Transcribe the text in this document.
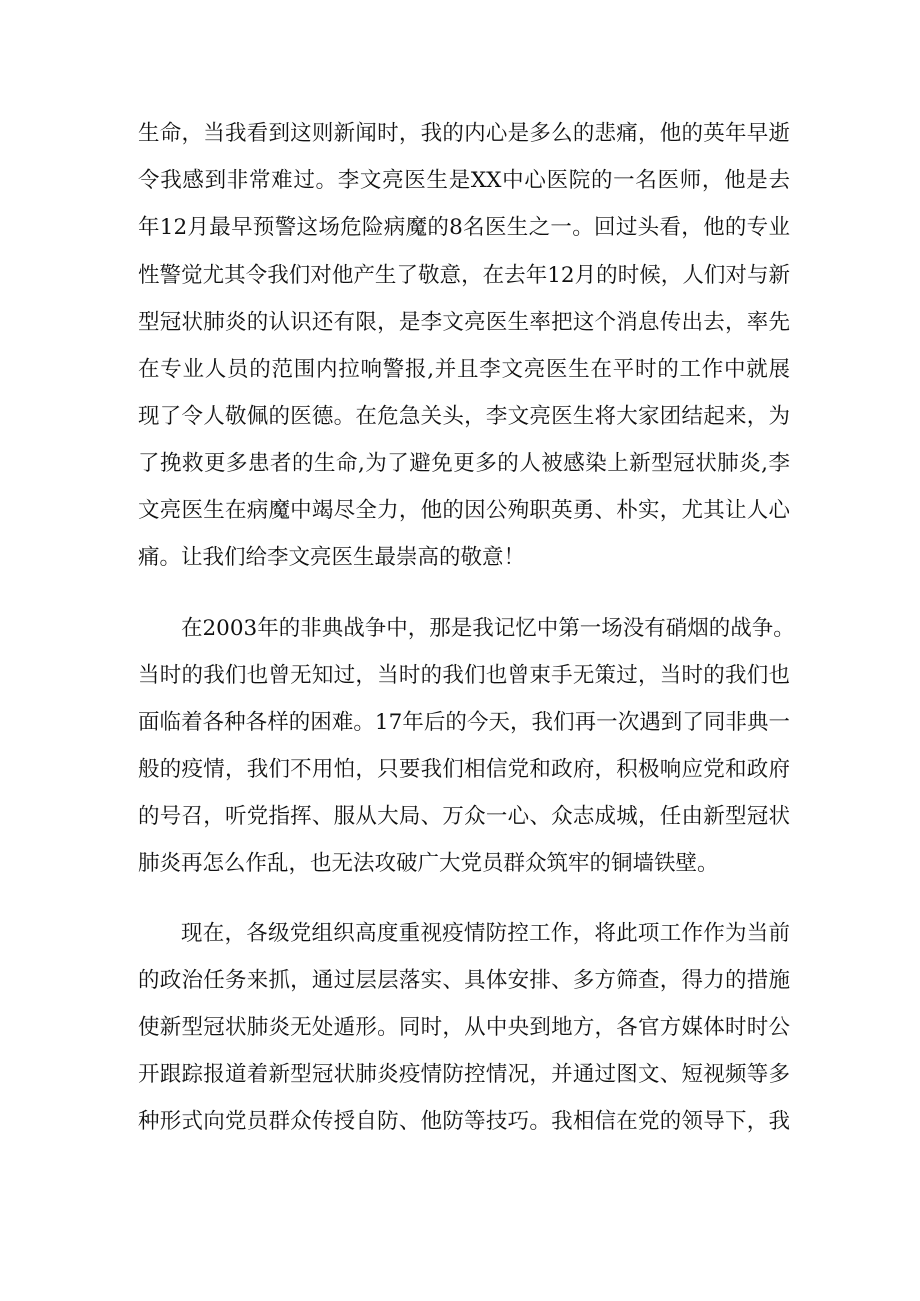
生命，当我看到这则新闻时，我的内心是多么的悲痛，他的英年早逝
令我感到非常难过。李文亮医生是XX中心医院的一名医师，他是去
年12月最早预警这场危险病魔的8名医生之一。回过头看，他的专业
性警觉尤其令我们对他产生了敬意，在去年12月的时候，人们对与新
型冠状肺炎的认识还有限，是李文亮医生率把这个消息传出去，率先
在专业人员的范围内拉响警报,并且李文亮医生在平时的工作中就展
现了令人敬佩的医德。在危急关头，李文亮医生将大家团结起来，为
了挽救更多患者的生命,为了避免更多的人被感染上新型冠状肺炎,李
文亮医生在病魔中竭尽全力，他的因公殉职英勇、朴实，尤其让人心
痛。让我们给李文亮医生最崇高的敬意！
在2003年的非典战争中，那是我记忆中第一场没有硝烟的战争。
当时的我们也曾无知过，当时的我们也曾束手无策过，当时的我们也
面临着各种各样的困难。17年后的今天，我们再一次遇到了同非典一
般的疫情，我们不用怕，只要我们相信党和政府，积极响应党和政府
的号召，听党指挥、服从大局、万众一心、众志成城，任由新型冠状
肺炎再怎么作乱，也无法攻破广大党员群众筑牢的铜墙铁壁。
现在，各级党组织高度重视疫情防控工作，将此项工作作为当前
的政治任务来抓，通过层层落实、具体安排、多方筛查，得力的措施
使新型冠状肺炎无处遁形。同时，从中央到地方，各官方媒体时时公
开跟踪报道着新型冠状肺炎疫情防控情况，并通过图文、短视频等多
种形式向党员群众传授自防、他防等技巧。我相信在党的领导下，我
